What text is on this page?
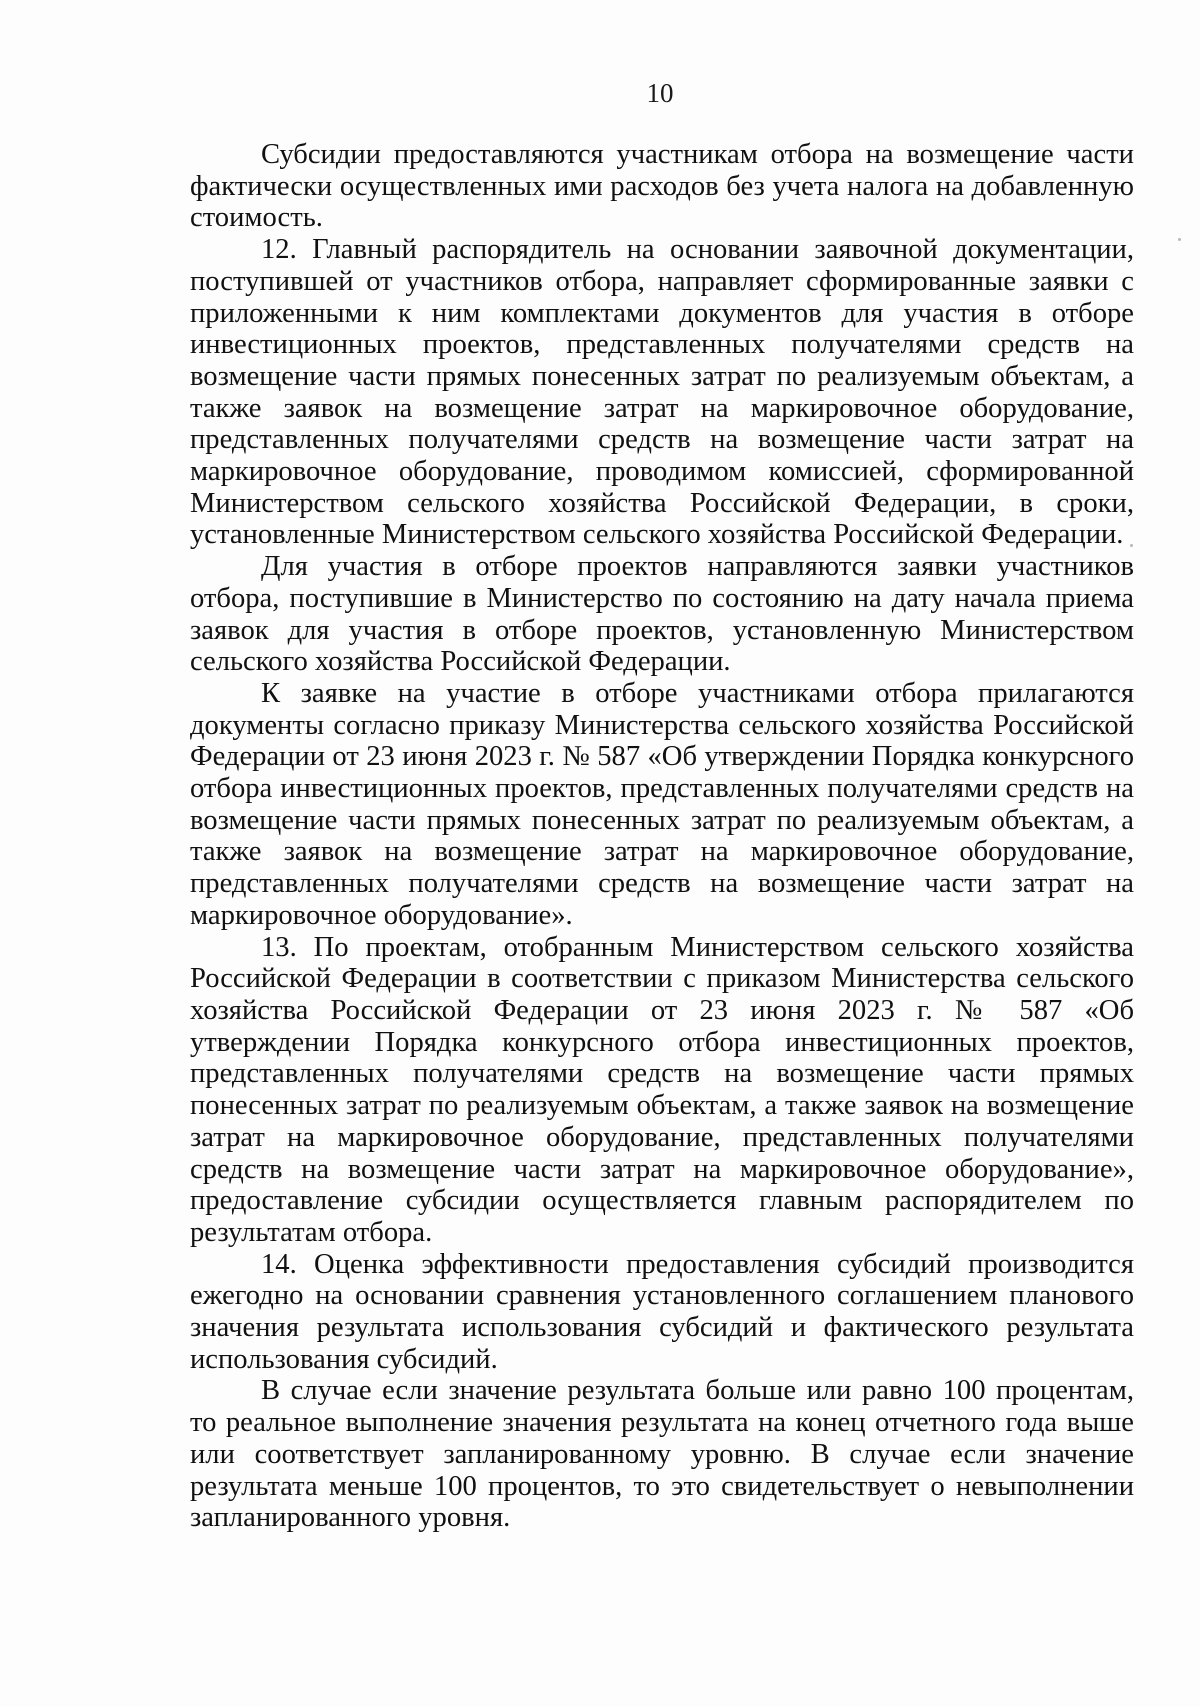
10

Субсидии предоставляются участникам отбора на возмещение части фактически осуществленных ими расходов без учета налога на добавленную стоимость.

12. Главный распорядитель на основании заявочной документации, поступившей от участников отбора, направляет сформированные заявки с приложенными к ним комплектами документов для участия в отборе инвестиционных проектов, представленных получателями средств на возмещение части прямых понесенных затрат по реализуемым объектам, а также заявок на возмещение затрат на маркировочное оборудование, представленных получателями средств на возмещение части затрат на маркировочное оборудование, проводимом комиссией, сформированной Министерством сельского хозяйства Российской Федерации, в сроки, установленные Министерством сельского хозяйства Российской Федерации.

Для участия в отборе проектов направляются заявки участников отбора, поступившие в Министерство по состоянию на дату начала приема заявок для участия в отборе проектов, установленную Министерством сельского хозяйства Российской Федерации.

К заявке на участие в отборе участниками отбора прилагаются документы согласно приказу Министерства сельского хозяйства Российской Федерации от 23 июня 2023 г. № 587 «Об утверждении Порядка конкурсного отбора инвестиционных проектов, представленных получателями средств на возмещение части прямых понесенных затрат по реализуемым объектам, а также заявок на возмещение затрат на маркировочное оборудование, представленных получателями средств на возмещение части затрат на маркировочное оборудование».

13. По проектам, отобранным Министерством сельского хозяйства Российской Федерации в соответствии с приказом Министерства сельского хозяйства Российской Федерации от 23 июня 2023 г. № 587 «Об утверждении Порядка конкурсного отбора инвестиционных проектов, представленных получателями средств на возмещение части прямых понесенных затрат по реализуемым объектам, а также заявок на возмещение затрат на маркировочное оборудование, представленных получателями средств на возмещение части затрат на маркировочное оборудование», предоставление субсидии осуществляется главным распорядителем по результатам отбора.

14. Оценка эффективности предоставления субсидий производится ежегодно на основании сравнения установленного соглашением планового значения результата использования субсидий и фактического результата использования субсидий.

В случае если значение результата больше или равно 100 процентам, то реальное выполнение значения результата на конец отчетного года выше или соответствует запланированному уровню. В случае если значение результата меньше 100 процентов, то это свидетельствует о невыполнении запланированного уровня.
